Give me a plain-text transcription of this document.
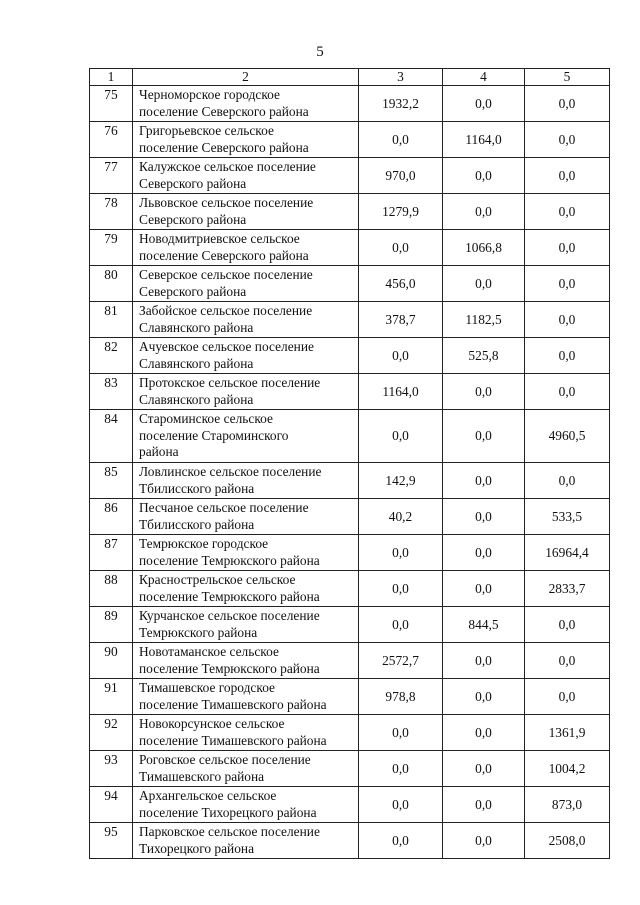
5
1	2	3	4	5
75	Черноморское городское
поселение Северского района	1932,2	0,0	0,0
76	Григорьевское сельское
поселение Северского района	0,0	1164,0	0,0
77	Калужское сельское поселение
Северского района	970,0	0,0	0,0
78	Львовское сельское поселение
Северского района	1279,9	0,0	0,0
79	Новодмитриевское сельское
поселение Северского района	0,0	1066,8	0,0
80	Северское сельское поселение
Северского района	456,0	0,0	0,0
81	Забойское сельское поселение
Славянского района	378,7	1182,5	0,0
82	Ачуевское сельское поселение
Славянского района	0,0	525,8	0,0
83	Протокское сельское поселение
Славянского района	1164,0	0,0	0,0
84	Староминское сельское
поселение Староминского
района	0,0	0,0	4960,5
85	Ловлинское сельское поселение
Тбилисского района	142,9	0,0	0,0
86	Песчаное сельское поселение
Тбилисского района	40,2	0,0	533,5
87	Темрюкское городское
поселение Темрюкского района	0,0	0,0	16964,4
88	Краснострельское сельское
поселение Темрюкского района	0,0	0,0	2833,7
89	Курчанское сельское поселение
Темрюкского района	0,0	844,5	0,0
90	Новотаманское сельское
поселение Темрюкского района	2572,7	0,0	0,0
91	Тимашевское городское
поселение Тимашевского района	978,8	0,0	0,0
92	Новокорсунское сельское
поселение Тимашевского района	0,0	0,0	1361,9
93	Роговское сельское поселение
Тимашевского района	0,0	0,0	1004,2
94	Архангельское сельское
поселение Тихорецкого района	0,0	0,0	873,0
95	Парковское сельское поселение
Тихорецкого района	0,0	0,0	2508,0
